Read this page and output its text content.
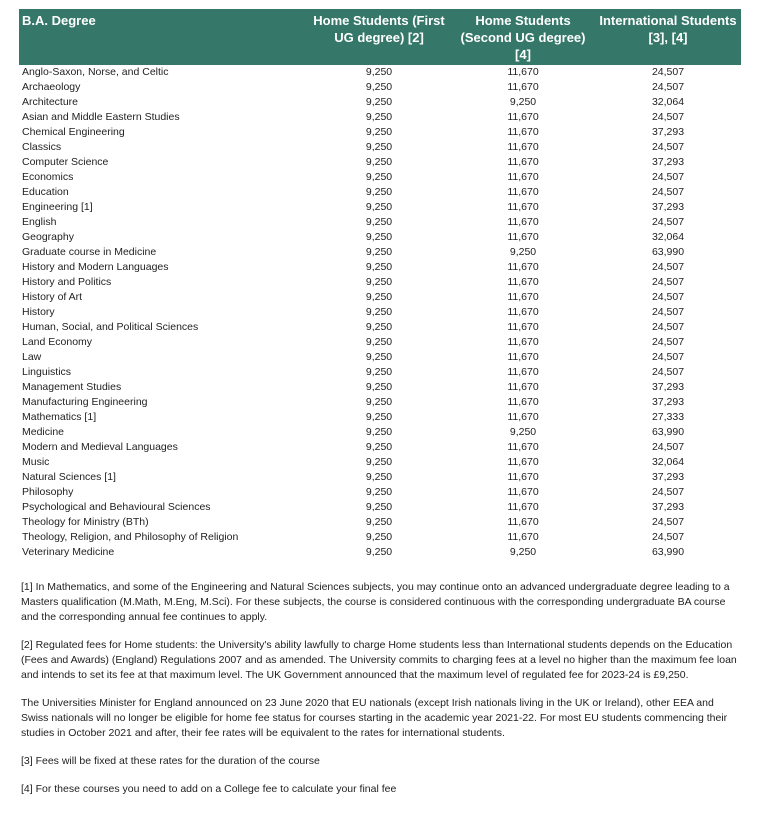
B.A. Degree	Home Students (First UG degree) [2]	Home Students (Second UG degree) [4]	International Students [3], [4]
Anglo-Saxon, Norse, and Celtic	9,250	11,670	24,507
Archaeology	9,250	11,670	24,507
Architecture	9,250	9,250	32,064
Asian and Middle Eastern Studies	9,250	11,670	24,507
Chemical Engineering	9,250	11,670	37,293
Classics	9,250	11,670	24,507
Computer Science	9,250	11,670	37,293
Economics	9,250	11,670	24,507
Education	9,250	11,670	24,507
Engineering [1]	9,250	11,670	37,293
English	9,250	11,670	24,507
Geography	9,250	11,670	32,064
Graduate course in Medicine	9,250	9,250	63,990
History and Modern Languages	9,250	11,670	24,507
History and Politics	9,250	11,670	24,507
History of Art	9,250	11,670	24,507
History	9,250	11,670	24,507
Human, Social, and Political Sciences	9,250	11,670	24,507
Land Economy	9,250	11,670	24,507
Law	9,250	11,670	24,507
Linguistics	9,250	11,670	24,507
Management Studies	9,250	11,670	37,293
Manufacturing Engineering	9,250	11,670	37,293
Mathematics [1]	9,250	11,670	27,333
Medicine	9,250	9,250	63,990
Modern and Medieval Languages	9,250	11,670	24,507
Music	9,250	11,670	32,064
Natural Sciences [1]	9,250	11,670	37,293
Philosophy	9,250	11,670	24,507
Psychological and Behavioural Sciences	9,250	11,670	37,293
Theology for Ministry (BTh)	9,250	11,670	24,507
Theology, Religion, and Philosophy of Religion	9,250	11,670	24,507
Veterinary Medicine	9,250	9,250	63,990

[1] In Mathematics, and some of the Engineering and Natural Sciences subjects, you may continue onto an advanced undergraduate degree leading to a Masters qualification (M.Math, M.Eng, M.Sci). For these subjects, the course is considered continuous with the corresponding undergraduate BA course and the corresponding annual fee continues to apply.

[2] Regulated fees for Home students: the University's ability lawfully to charge Home students less than International students depends on the Education (Fees and Awards) (England) Regulations 2007 and as amended. The University commits to charging fees at a level no higher than the maximum fee loan and intends to set its fee at that maximum level. The UK Government announced that the maximum level of regulated fee for 2023-24 is £9,250.

The Universities Minister for England announced on 23 June 2020 that EU nationals (except Irish nationals living in the UK or Ireland), other EEA and Swiss nationals will no longer be eligible for home fee status for courses starting in the academic year 2021-22. For most EU students commencing their studies in October 2021 and after, their fee rates will be equivalent to the rates for international students.

[3] Fees will be fixed at these rates for the duration of the course

[4] For these courses you need to add on a College fee to calculate your final fee
